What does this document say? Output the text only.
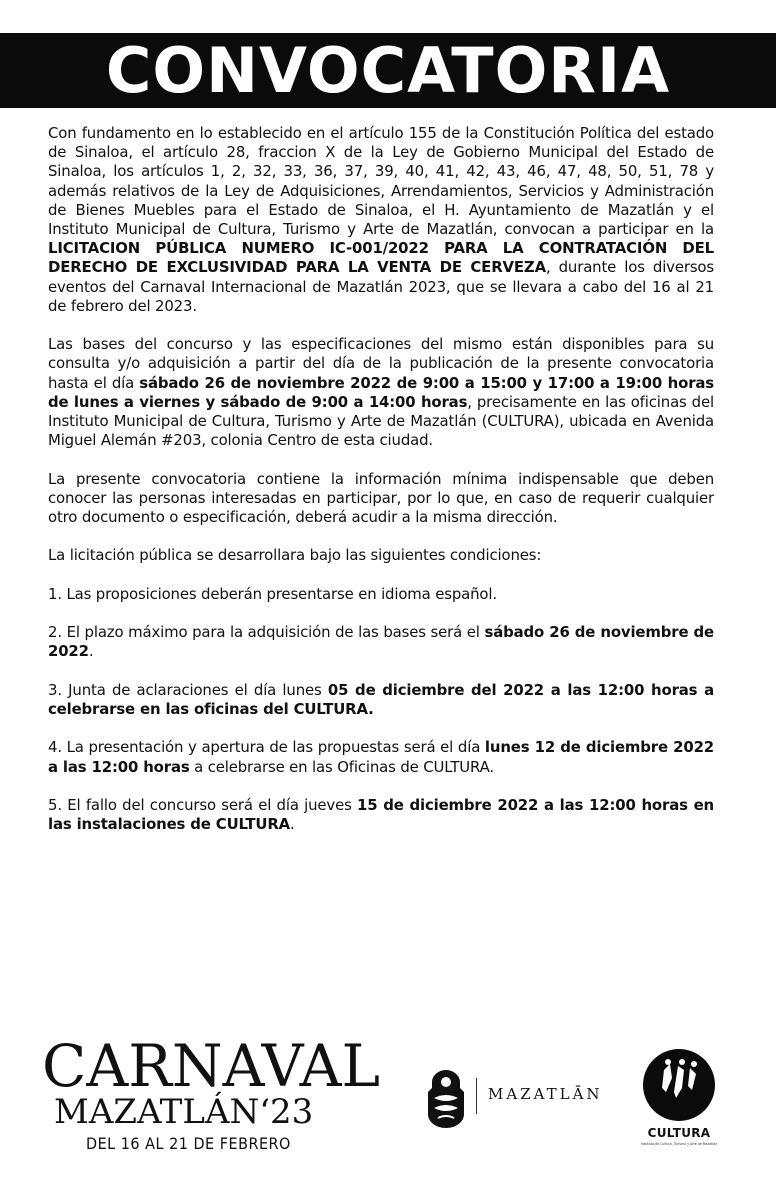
CONVOCATORIA

Con fundamento en lo establecido en el artículo 155 de la Constitución Política del estado de Sinaloa, el artículo 28, fraccion X de la Ley de Gobierno Municipal del Estado de Sinaloa, los artículos 1, 2, 32, 33, 36, 37, 39, 40, 41, 42, 43, 46, 47, 48, 50, 51, 78 y además relativos de la Ley de Adquisiciones, Arrendamientos, Servicios y Administración de Bienes Muebles para el Estado de Sinaloa, el H. Ayuntamiento de Mazatlán y el Instituto Municipal de Cultura, Turismo y Arte de Mazatlán, convocan a participar en la LICITACION PÚBLICA NUMERO IC-001/2022 PARA LA CONTRATACIÓN DEL DERECHO DE EXCLUSIVIDAD PARA LA VENTA DE CERVEZA, durante los diversos eventos del Carnaval Internacional de Mazatlán 2023, que se llevara a cabo del 16 al 21 de febrero del 2023.

Las bases del concurso y las especificaciones del mismo están disponibles para su consulta y/o adquisición a partir del día de la publicación de la presente convocatoria hasta el día sábado 26 de noviembre 2022 de 9:00 a 15:00 y 17:00 a 19:00 horas de lunes a viernes y sábado de 9:00 a 14:00 horas, precisamente en las oficinas del Instituto Municipal de Cultura, Turismo y Arte de Mazatlán (CULTURA), ubicada en Avenida Miguel Alemán #203, colonia Centro de esta ciudad.

La presente convocatoria contiene la información mínima indispensable que deben conocer las personas interesadas en participar, por lo que, en caso de requerir cualquier otro documento o especificación, deberá acudir a la misma dirección.

La licitación pública se desarrollara bajo las siguientes condiciones:

1. Las proposiciones deberán presentarse en idioma español.

2. El plazo máximo para la adquisición de las bases será el sábado 26 de noviembre de 2022.

3. Junta de aclaraciones el día lunes 05 de diciembre del 2022 a las 12:00 horas a celebrarse en las oficinas del CULTURA.

4. La presentación y apertura de las propuestas será el día lunes 12 de diciembre 2022 a las 12:00 horas a celebrarse en las Oficinas de CULTURA.

5. El fallo del concurso será el día jueves 15 de diciembre 2022 a las 12:00 horas en las instalaciones de CULTURA.

CARNAVAL
MAZATLÁN‘23
DEL 16 AL 21 DE FEBRERO
MAZATLĀN
CULTURA
Instituto de Cultura, Turismo y Arte de Mazatlán
